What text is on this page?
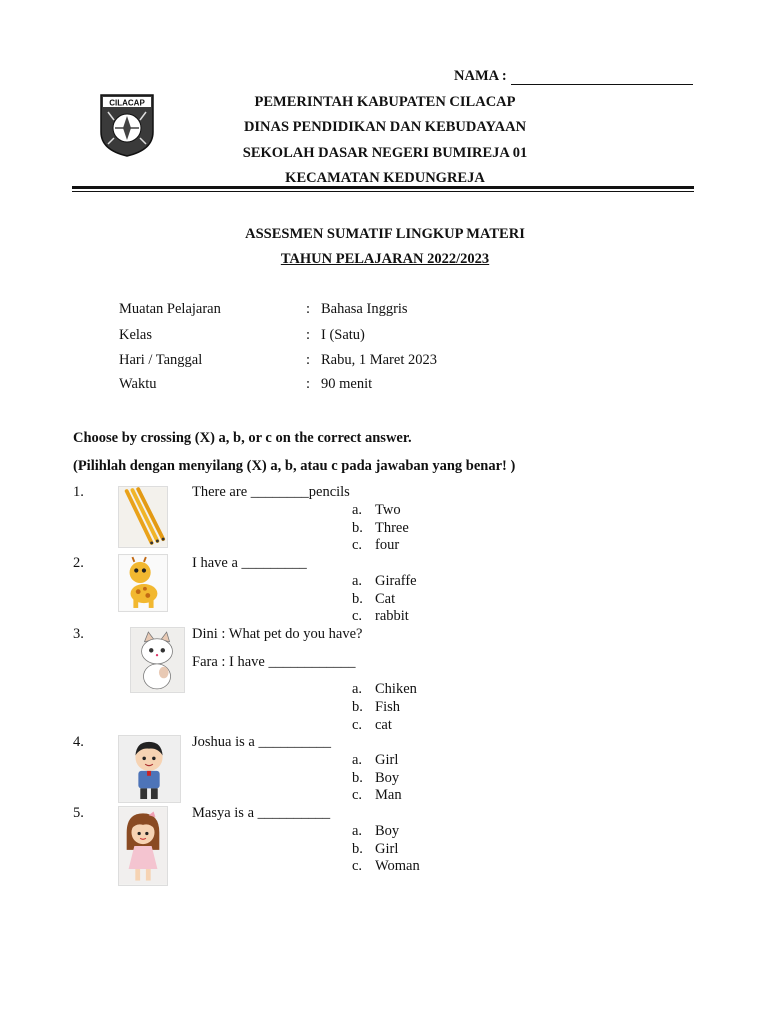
NAMA :
CILACAP	PEMERINTAH KABUPATEN CILACAP
DINAS PENDIDIKAN DAN KEBUDAYAAN
SEKOLAH DASAR NEGERI BUMIREJA 01
KECAMATAN KEDUNGREJA
ASSESMEN SUMATIF LINGKUP MATERI
TAHUN PELAJARAN 2022/2023
Muatan Pelajaran	: Bahasa Inggris
Kelas	: I (Satu)
Hari / Tanggal	: Rabu, 1 Maret 2023
Waktu	: 90 menit
Choose by crossing (X) a, b, or c on the correct answer.
(Pilihlah dengan menyilang (X) a, b, atau c pada jawaban yang benar! )
1.	There are ________pencils
a. Two
b. Three
c. four
2.	I have a _________
a. Giraffe
b. Cat
c. rabbit
3.	Dini : What pet do you have?
Fara : I have ____________
a. Chiken
b. Fish
c. cat
4.	Joshua is a __________
a. Girl
b. Boy
c. Man
5.	Masya is a __________
a. Boy
b. Girl
c. Woman
